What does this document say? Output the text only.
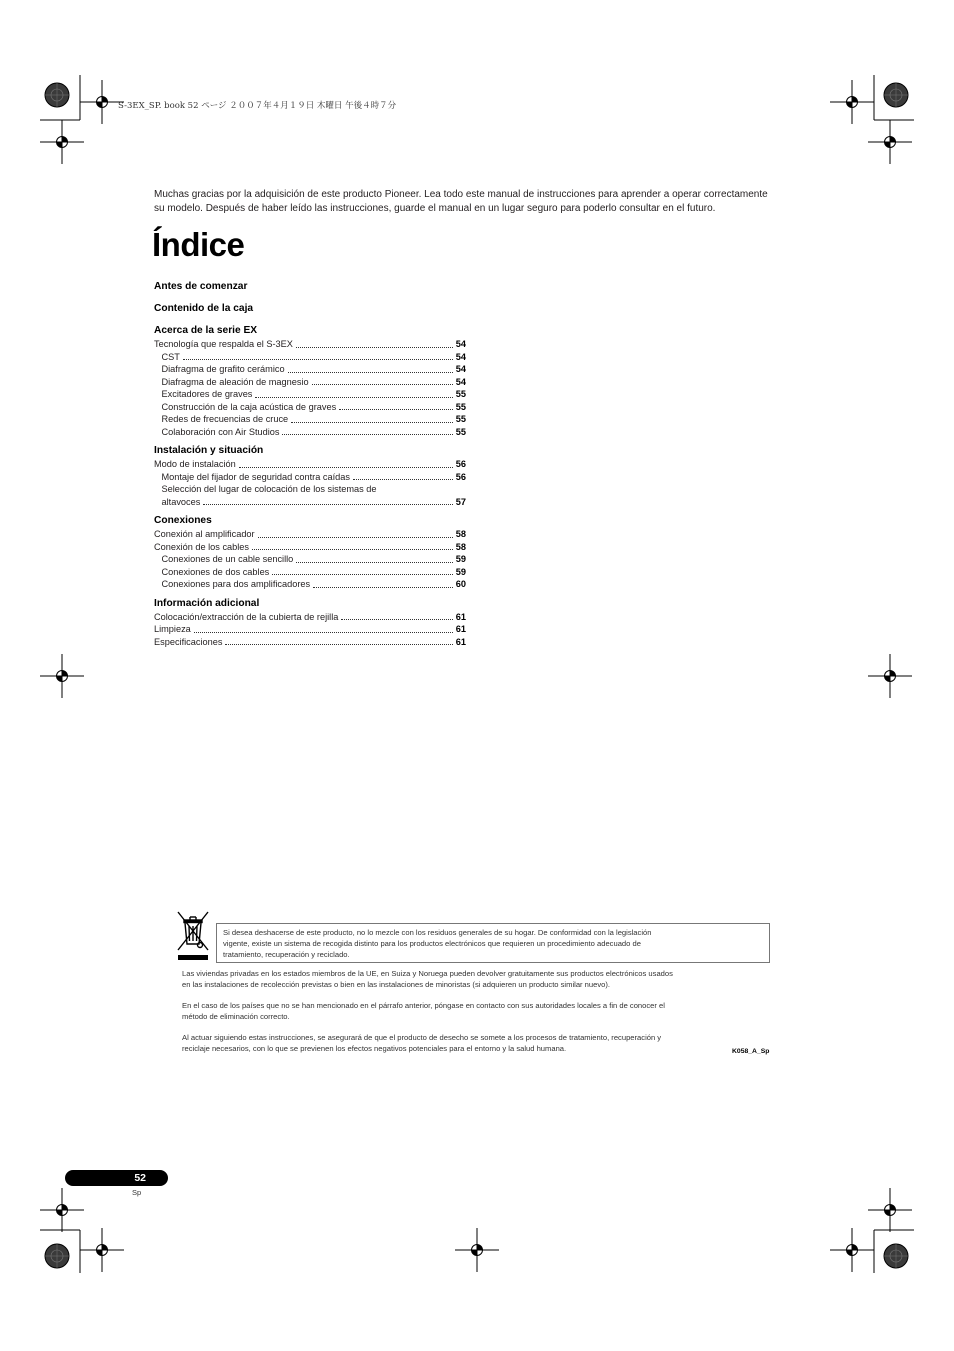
S-3EX_SP. book 52 ページ ２００７年４月１９日 木曜日 午後４時７分

Muchas gracias por la adquisición de este producto Pioneer. Lea todo este manual de instrucciones para aprender a operar correctamente

su modelo. Después de haber leído las instrucciones, guarde el manual en un lugar seguro para poderlo consultar en el futuro.

Índice
Antes de comenzar
Contenido de la caja
Acerca de la serie EX
Tecnología que respalda el S-3EX	54
CST	54
Diafragma de grafito cerámico	54
Diafragma de aleación de magnesio	54
Excitadores de graves	55
Construcción de la caja acústica de graves	55
Redes de frecuencias de cruce	55
Colaboración con Air Studios	55
Instalación y situación
Modo de instalación	56
Montaje del fijador de seguridad contra caídas	56
Selección del lugar de colocación de los sistemas de
altavoces	57
Conexiones
Conexión al amplificador	58
Conexión de los cables	58
Conexiones de un cable sencillo	59
Conexiones de dos cables	59
Conexiones para dos amplificadores	60
Información adicional
Colocación/extracción de la cubierta de rejilla	61
Limpieza	61
Especificaciones	61
Si desea deshacerse de este producto, no lo mezcle con los residuos generales de su hogar. De conformidad con la legislación
vigente, existe un sistema de recogida distinto para los productos electrónicos que requieren un procedimiento adecuado de
tratamiento, recuperación y reciclado.
Las viviendas privadas en los estados miembros de la UE, en Suiza y Noruega pueden devolver gratuitamente sus productos electrónicos usados
en las instalaciones de recolección previstas o bien en las instalaciones de minoristas (si adquieren un producto similar nuevo).
En el caso de los países que no se han mencionado en el párrafo anterior, póngase en contacto con sus autoridades locales a fin de conocer el
método de eliminación correcto.
Al actuar siguiendo estas instrucciones, se asegurará de que el producto de desecho se somete a los procesos de tratamiento, recuperación y
reciclaje necesarios, con lo que se previenen los efectos negativos potenciales para el entorno y la salud humana.	K058_A_Sp
52
Sp
